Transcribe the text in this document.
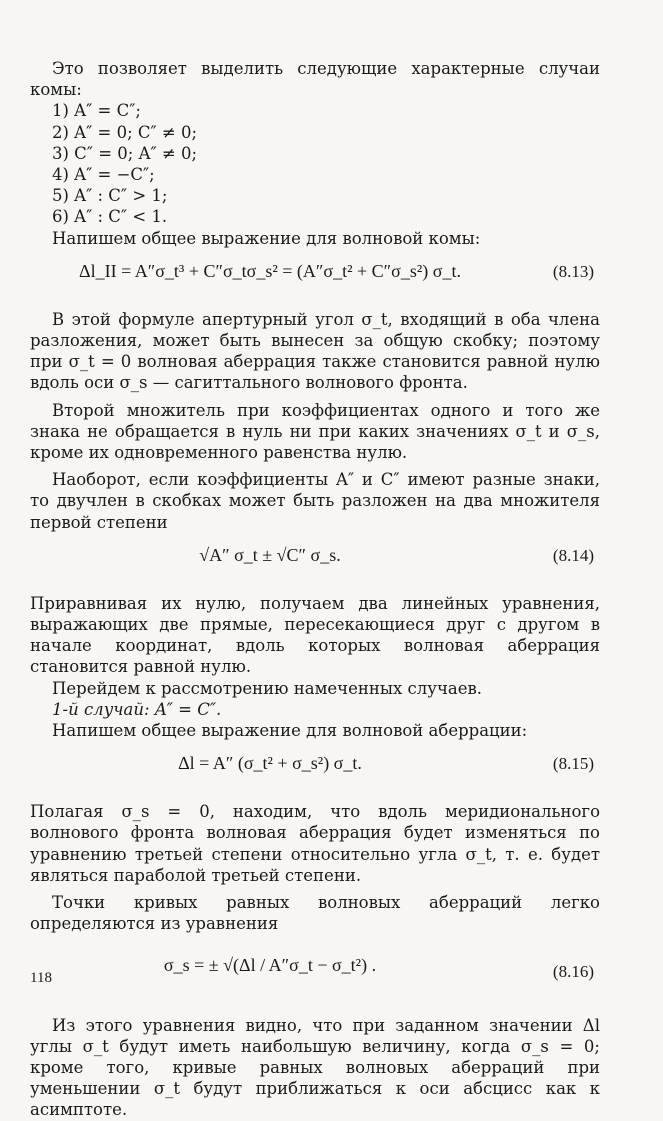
Это позволяет выделить следующие характерные случаи комы:

1) A″ = C″;

2) A″ = 0; C″ ≠ 0;

3) C″ = 0; A″ ≠ 0;

4) A″ = −C″;

5) A″ : C″ > 1;

6) A″ : C″ < 1.

Напишем общее выражение для волновой комы:

Δl_II = A″σ_t³ + C″σ_tσ_s² = (A″σ_t² + C″σ_s²) σ_t.	(8.13)

В этой формуле апертурный угол σ_t, входящий в оба члена разложения, может быть вынесен за общую скобку; поэтому при σ_t = 0 волновая аберрация также становится равной нулю вдоль оси σ_s — сагиттального волнового фронта.

Второй множитель при коэффициентах одного и того же знака не обращается в нуль ни при каких значениях σ_t и σ_s, кроме их одновременного равенства нулю.

Наоборот, если коэффициенты A″ и C″ имеют разные знаки, то двучлен в скобках может быть разложен на два множителя первой степени

√A″ σ_t ± √C″ σ_s.	(8.14)

Приравнивая их нулю, получаем два линейных уравнения, выражающих две прямые, пересекающиеся друг с другом в начале координат, вдоль которых волновая аберрация становится равной нулю.

Перейдем к рассмотрению намеченных случаев.

1-й случай: A″ = C″.

Напишем общее выражение для волновой аберрации:

Δl = A″ (σ_t² + σ_s²) σ_t.	(8.15)

Полагая σ_s = 0, находим, что вдоль меридионального волнового фронта волновая аберрация будет изменяться по уравнению третьей степени относительно угла σ_t, т. е. будет являться параболой третьей степени.

Точки кривых равных волновых аберраций легко определяются из уравнения

σ_s = ± √(Δl / A″σ_t − σ_t²) .	(8.16)

Из этого уравнения видно, что при заданном значении Δl углы σ_t будут иметь наибольшую величину, когда σ_s = 0; кроме того, кривые равных волновых аберраций при уменьшении σ_t будут приближаться к оси абсцисс как к асимптоте.

118
